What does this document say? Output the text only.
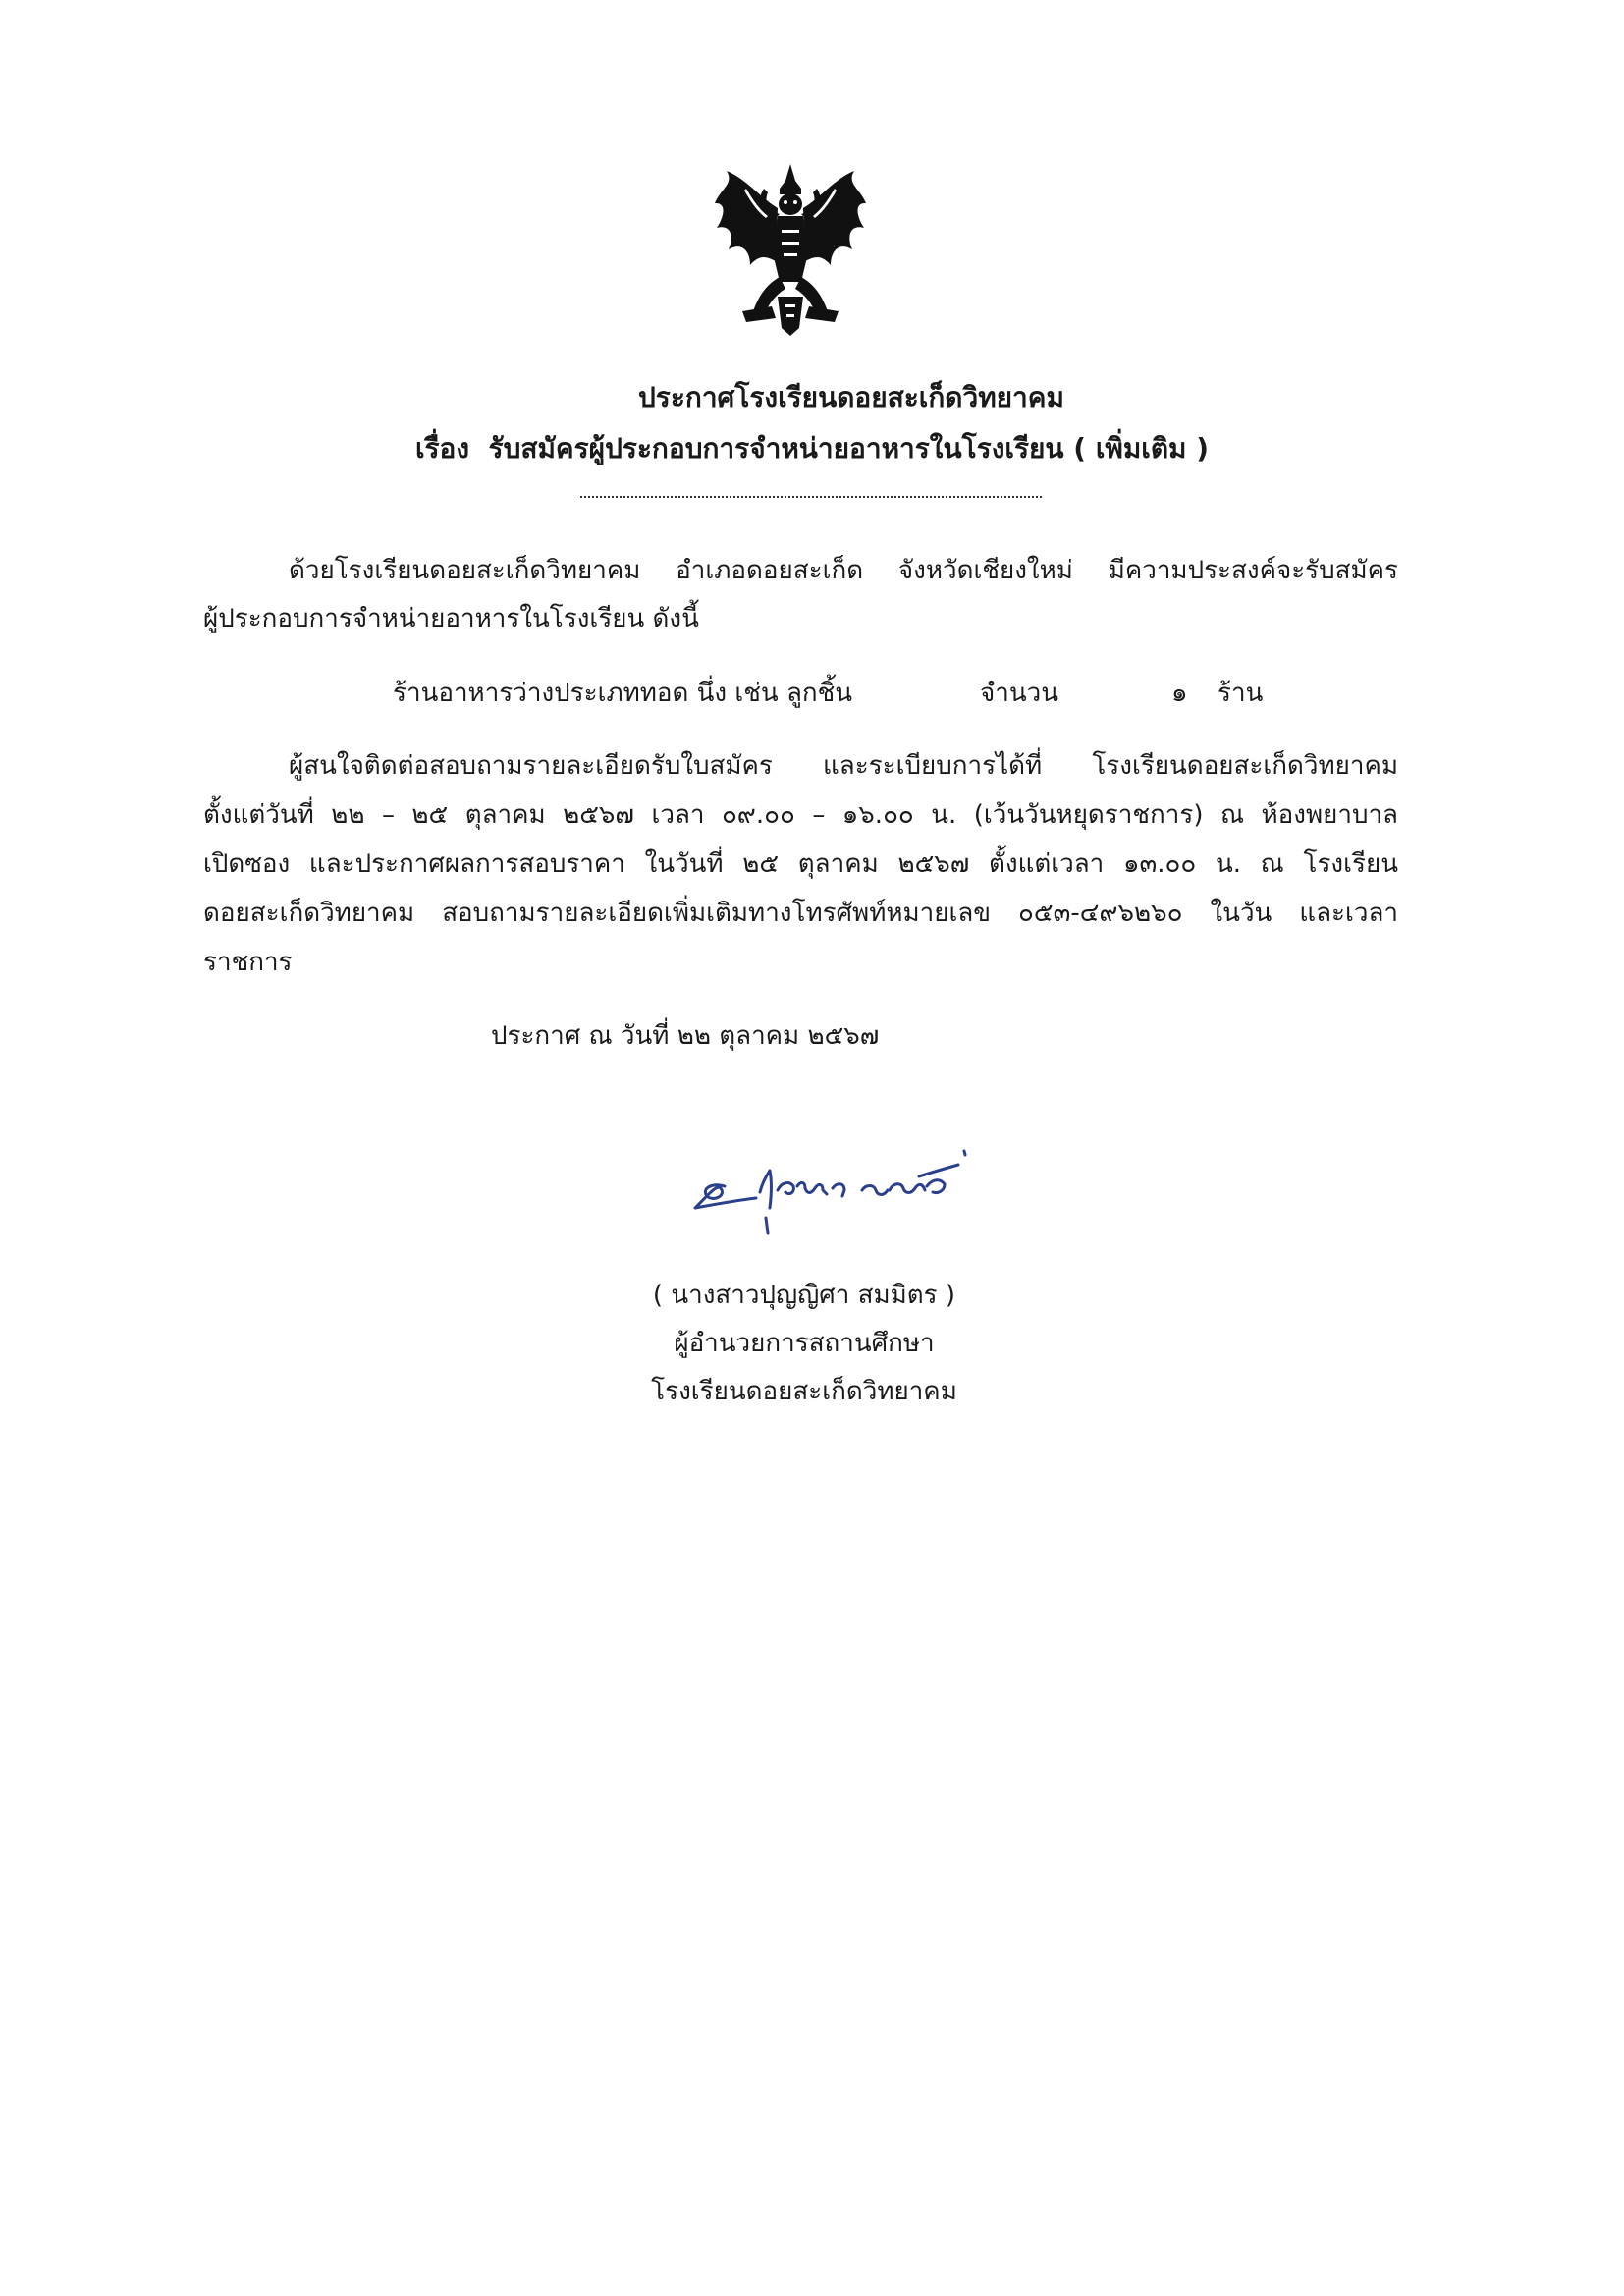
ประกาศโรงเรียนดอยสะเก็ดวิทยาคม
เรื่อง รับสมัครผู้ประกอบการจำหน่ายอาหารในโรงเรียน ( เพิ่มเติม )
ด้วยโรงเรียนดอยสะเก็ดวิทยาคม อำเภอดอยสะเก็ด จังหวัดเชียงใหม่ มีความประสงค์จะรับสมัคร
ผู้ประกอบการจำหน่ายอาหารในโรงเรียน ดังนี้
ร้านอาหารว่างประเภททอด นึ่ง เช่น ลูกชิ้น	จำนวน	๑ ร้าน
ผู้สนใจติดต่อสอบถามรายละเอียดรับใบสมัคร และระเบียบการได้ที่ โรงเรียนดอยสะเก็ดวิทยาคม
ตั้งแต่วันที่ ๒๒ – ๒๕ ตุลาคม ๒๕๖๗ เวลา ๐๙.๐๐ – ๑๖.๐๐ น. (เว้นวันหยุดราชการ) ณ ห้องพยาบาล
เปิดซอง และประกาศผลการสอบราคา ในวันที่ ๒๕ ตุลาคม ๒๕๖๗ ตั้งแต่เวลา ๑๓.๐๐ น. ณ โรงเรียน
ดอยสะเก็ดวิทยาคม สอบถามรายละเอียดเพิ่มเติมทางโทรศัพท์หมายเลข ๐๕๓-๔๙๖๒๖๐ ในวัน และเวลา
ราชการ
ประกาศ ณ วันที่ ๒๒ ตุลาคม ๒๕๖๗
( นางสาวปุญญิศา สมมิตร )
ผู้อำนวยการสถานศึกษา
โรงเรียนดอยสะเก็ดวิทยาคม
